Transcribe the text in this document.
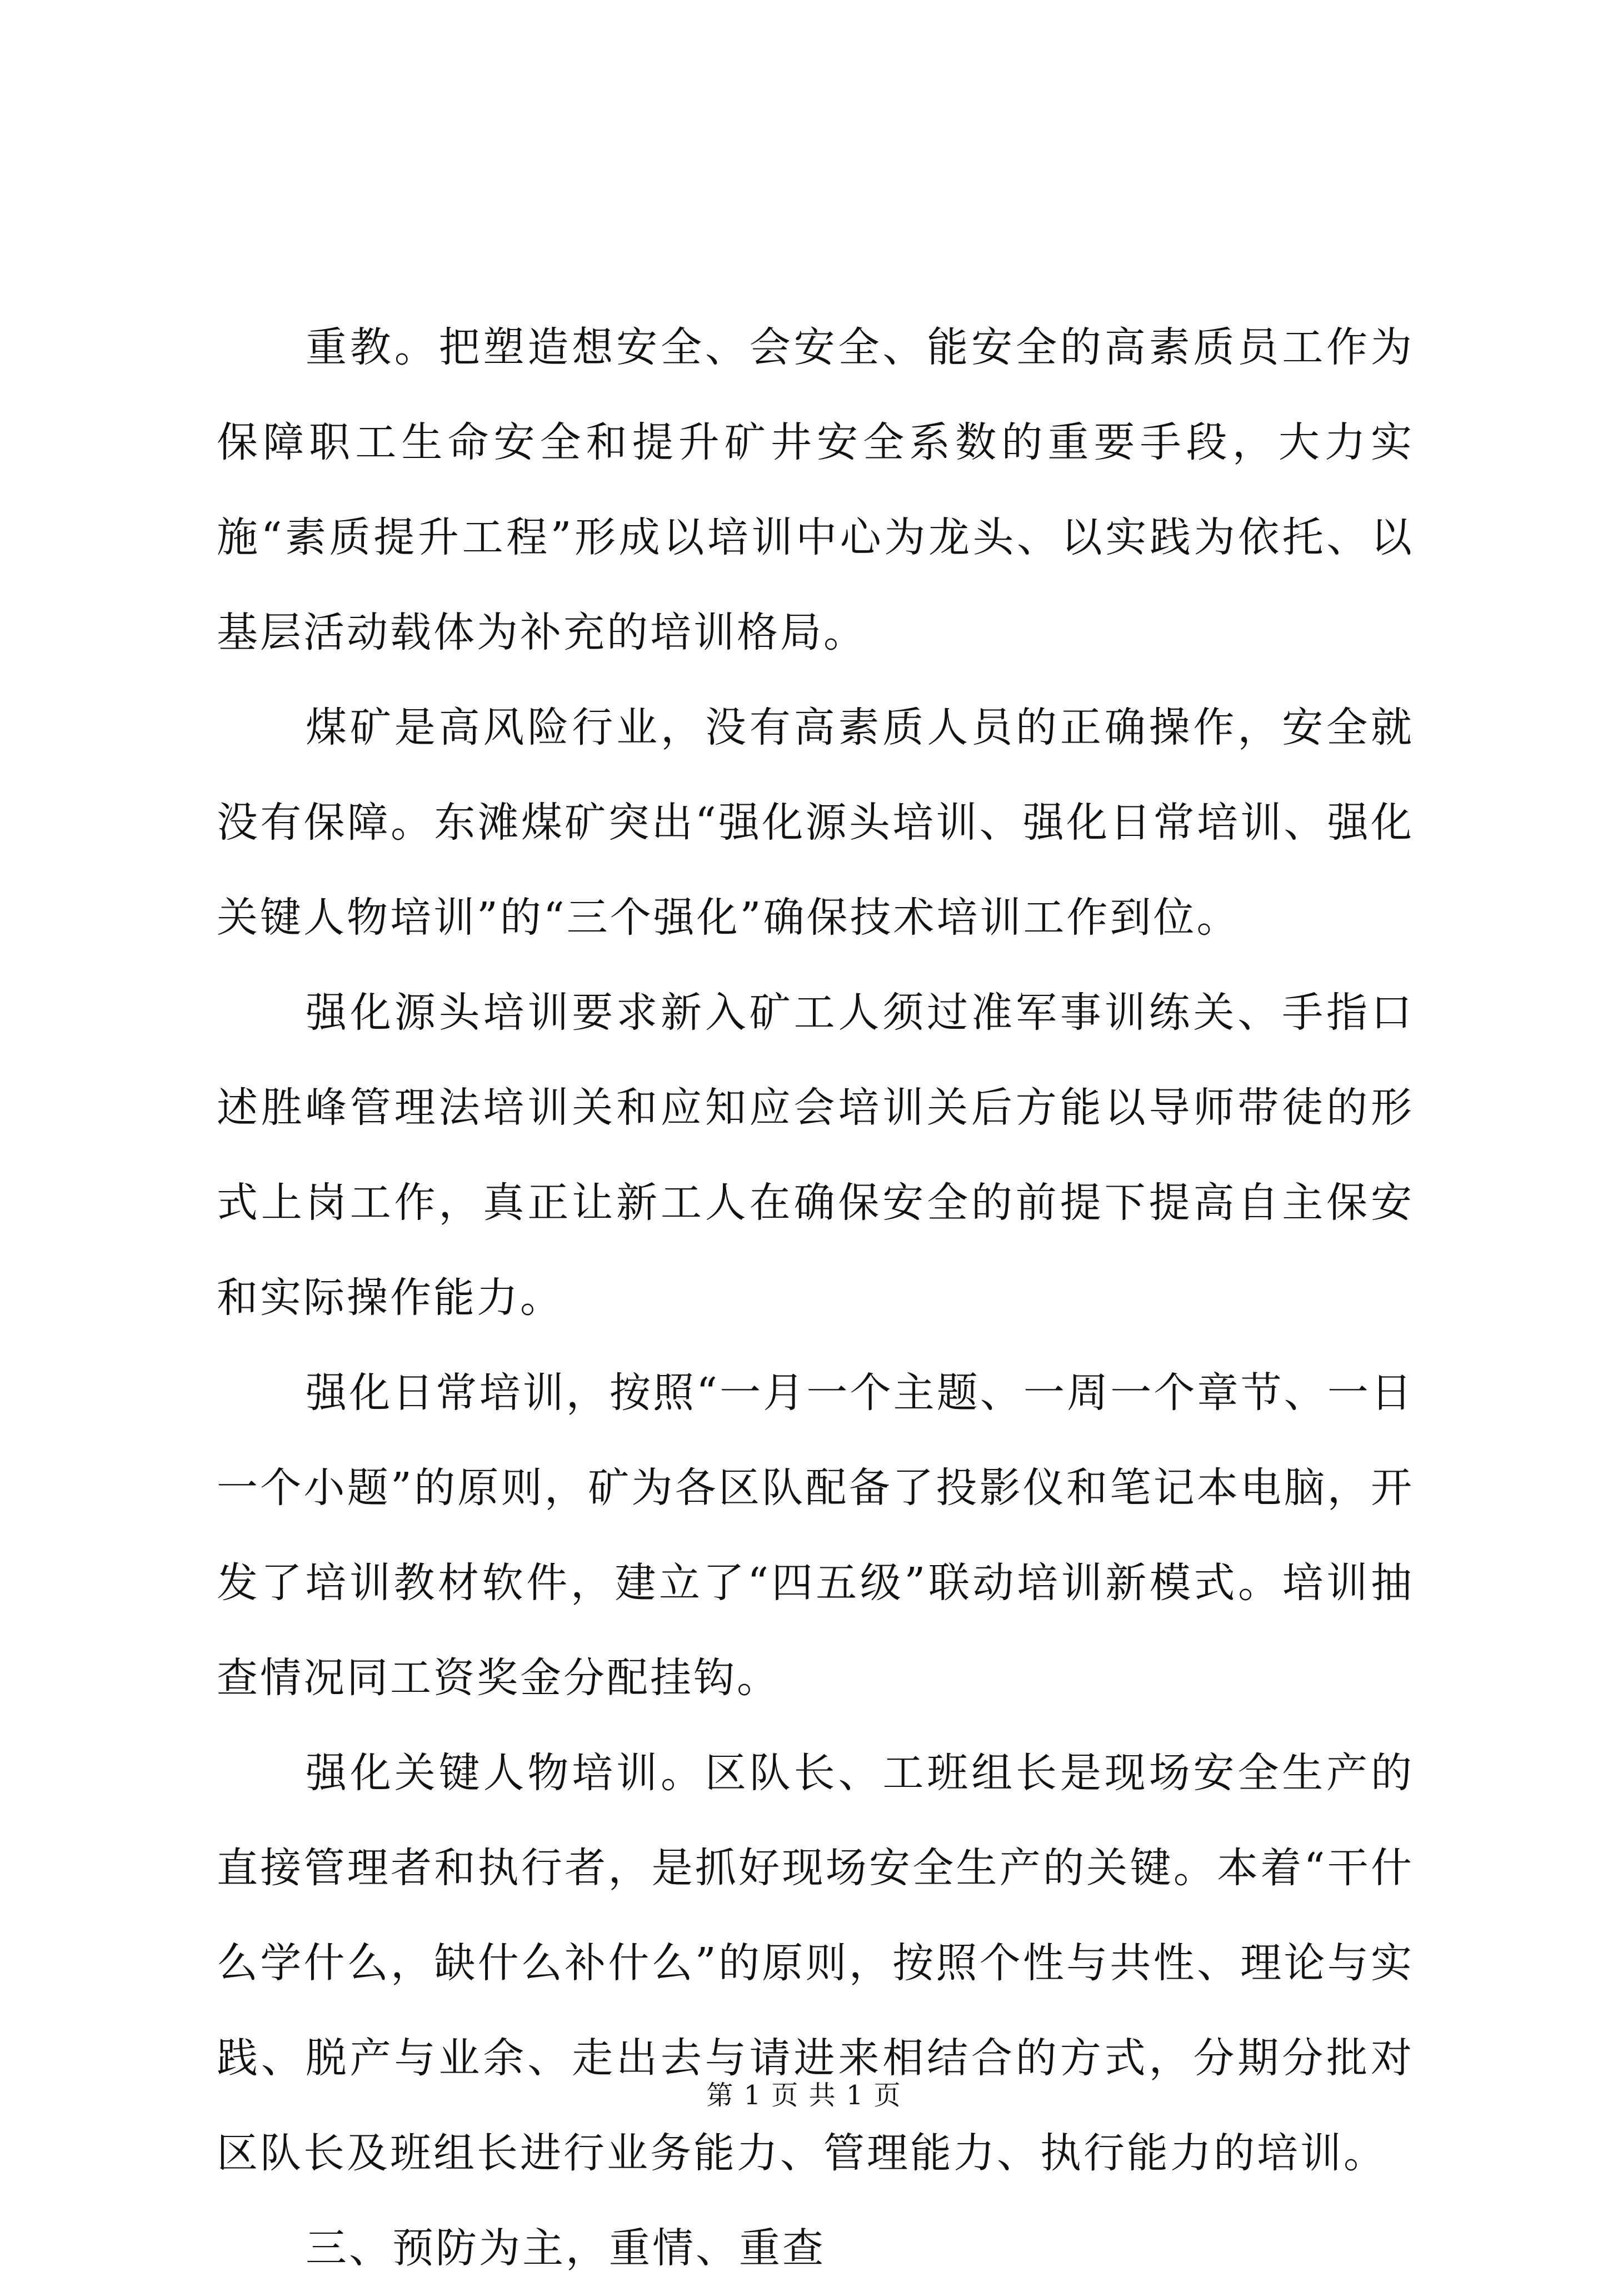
重教。把塑造想安全、会安全、能安全的高素质员工作为保障职工生命安全和提升矿井安全系数的重要手段，大力实施“素质提升工程”形成以培训中心为龙头、以实践为依托、以基层活动载体为补充的培训格局。

煤矿是高风险行业，没有高素质人员的正确操作，安全就没有保障。东滩煤矿突出“强化源头培训、强化日常培训、强化关键人物培训”的“三个强化”确保技术培训工作到位。

强化源头培训要求新入矿工人须过准军事训练关、手指口述胜峰管理法培训关和应知应会培训关后方能以导师带徒的形式上岗工作，真正让新工人在确保安全的前提下提高自主保安和实际操作能力。

强化日常培训，按照“一月一个主题、一周一个章节、一日一个小题”的原则，矿为各区队配备了投影仪和笔记本电脑，开发了培训教材软件，建立了“四五级”联动培训新模式。培训抽查情况同工资奖金分配挂钩。

强化关键人物培训。区队长、工班组长是现场安全生产的直接管理者和执行者，是抓好现场安全生产的关键。本着“干什么学什么，缺什么补什么”的原则，按照个性与共性、理论与实践、脱产与业余、走出去与请进来相结合的方式，分期分批对区队长及班组长进行业务能力、管理能力、执行能力的培训。

三、预防为主，重情、重查

第 1 页 共 1 页
